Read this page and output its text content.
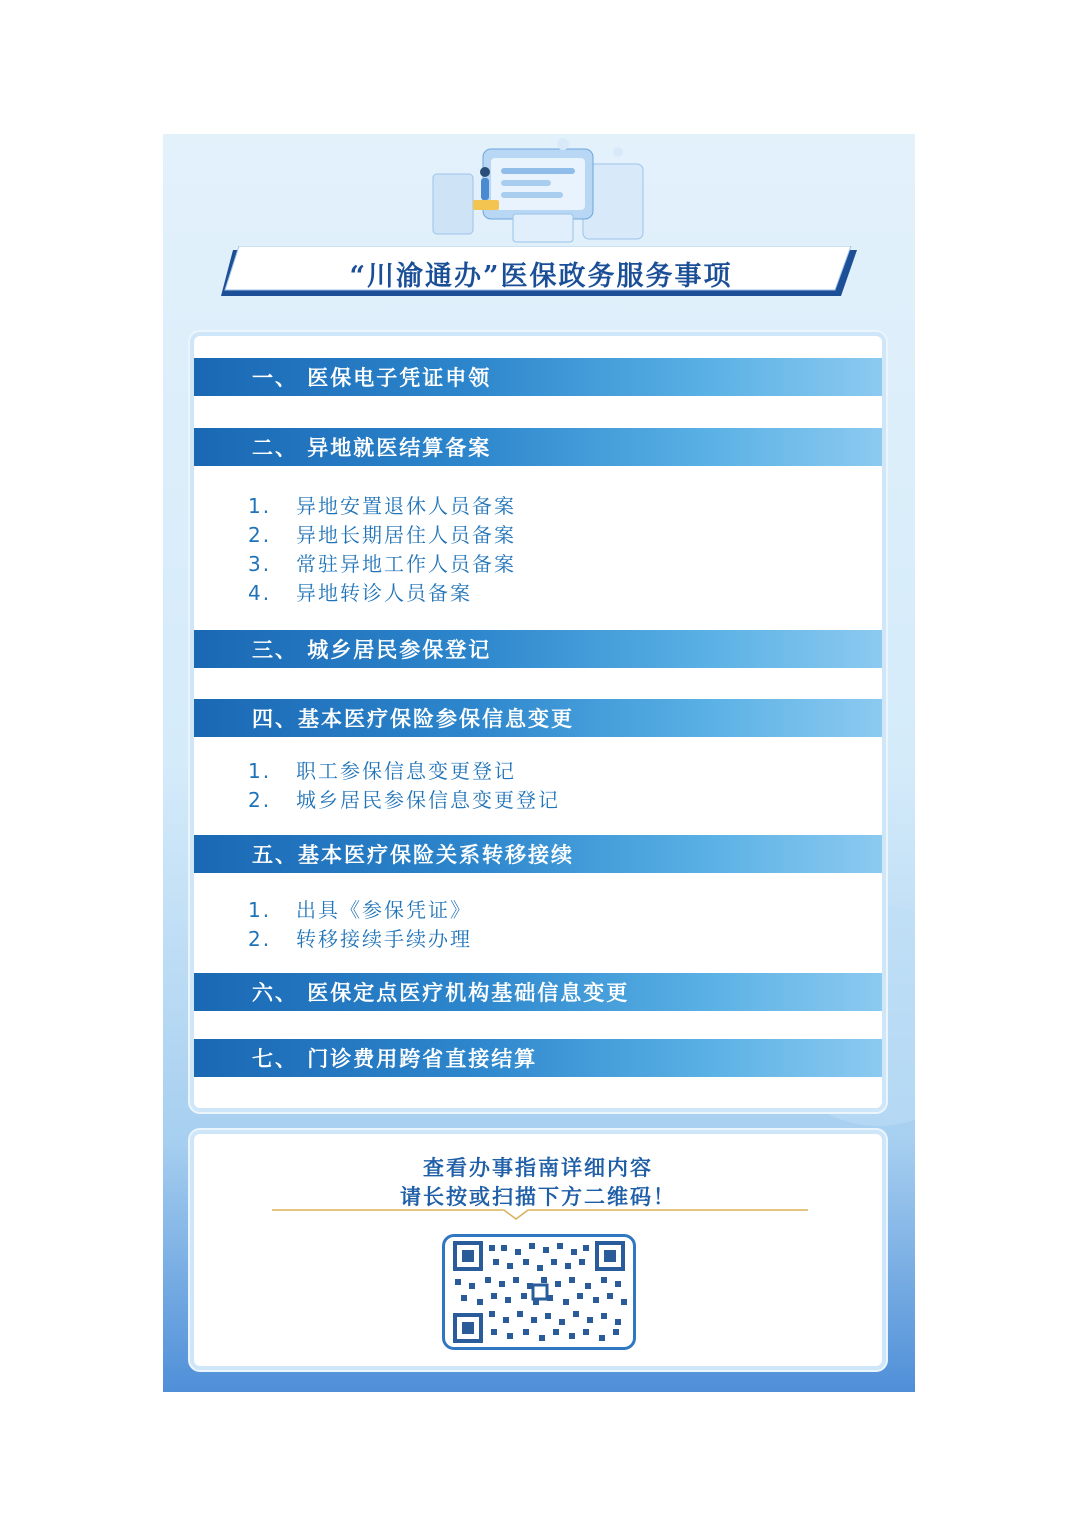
“川渝通办”医保政务服务事项
一、 医保电子凭证申领
二、 异地就医结算备案
1. 异地安置退休人员备案
2. 异地长期居住人员备案
3. 常驻异地工作人员备案
4. 异地转诊人员备案
三、 城乡居民参保登记
四、基本医疗保险参保信息变更
1. 职工参保信息变更登记
2. 城乡居民参保信息变更登记
五、基本医疗保险关系转移接续
1. 出具《参保凭证》
2. 转移接续手续办理
六、 医保定点医疗机构基础信息变更
七、 门诊费用跨省直接结算
查看办事指南详细内容
请长按或扫描下方二维码！
